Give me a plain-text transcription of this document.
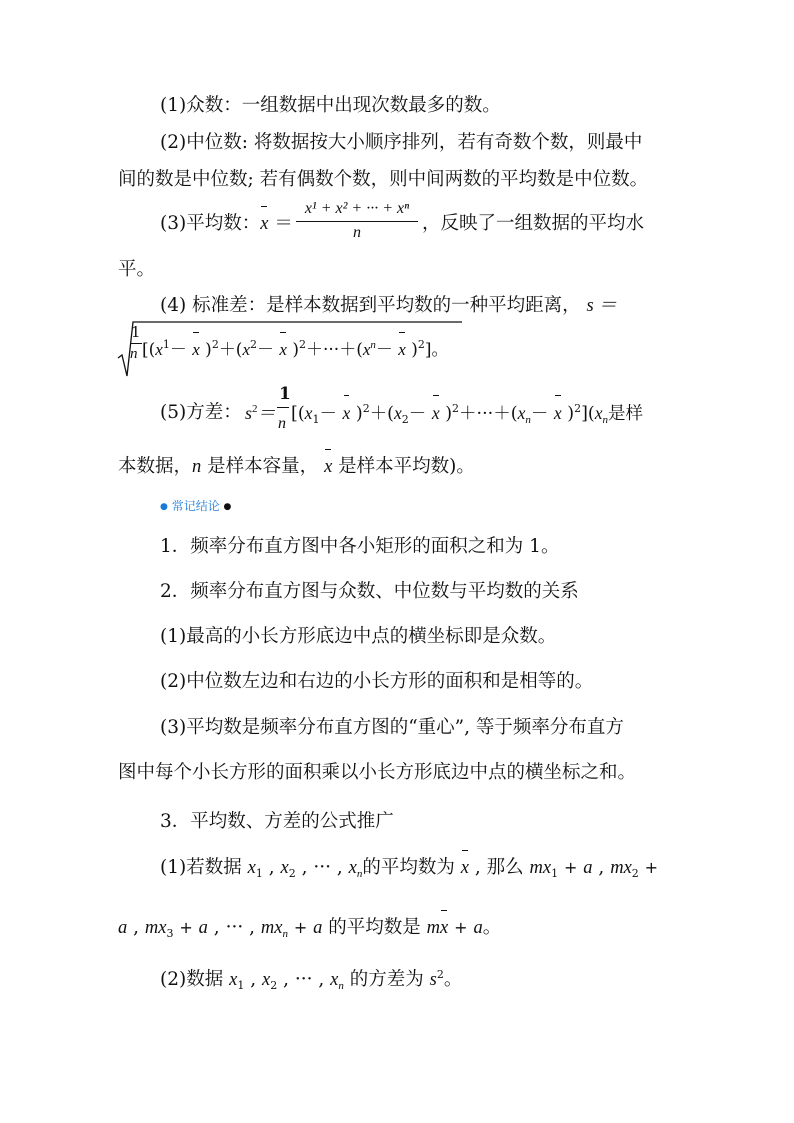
(1)众数：一组数据中出现次数最多的数。
(2)中位数: 将数据按大小顺序排列，若有奇数个数，则最中
间的数是中位数; 若有偶数个数，则中间两数的平均数是中位数。
(3)平均数：$x = \frac{\text{x¹ + x² + ··· + xⁿ}}{n}$ ，反映了一组数据的平均水
平。
(4) 标准差：是样本数据到平均数的一种平均距离， s ＝
1
n [($x^1- x$ )$^2+(x^2- x$ )$^2+\cdot\cdot\cdot+(x^n- x$ )$^2$]。
(5)方差： $s^2=$
1
n [($x_1- x$ )$^2+(x_2- x$ )$^2+\cdot\cdot\cdot+(x_n- x$ )$^2](x_n$是样
本数据，n 是样本容量， x 是样本平均数)。
● 常记结论 ●
1．频率分布直方图中各小矩形的面积之和为 1。
2．频率分布直方图与众数、中位数与平均数的关系
(1)最高的小长方形底边中点的横坐标即是众数。
(2)中位数左边和右边的小长方形的面积和是相等的。
(3)平均数是频率分布直方图的“重心”, 等于频率分布直方
图中每个小长方形的面积乘以小长方形底边中点的横坐标之和。
3．平均数、方差的公式推广
(1)若数据 $x_1$ , $x_2$ , ··· , $x_n$的平均数为 x , 那么 $mx_1 + a$ , $mx_2$ +
a , $mx_3 + a$ , ··· , $mx_n + a$ 的平均数是 mx + a。
(2)数据 $x_1$ , $x_2$ , ··· , $x_n$ 的方差为 $s^2$。
